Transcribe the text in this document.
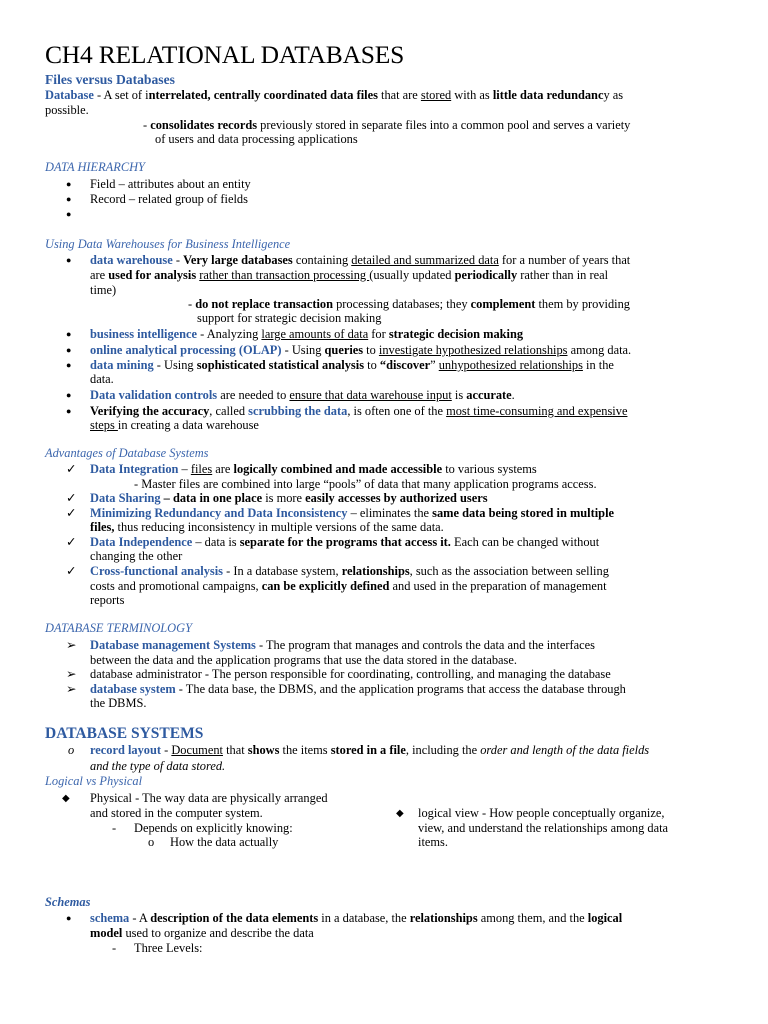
CH4 RELATIONAL DATABASES
Files versus Databases
Database - A set of interrelated, centrally coordinated data files that are stored with as little data redundancy as
possible.
- consolidates records previously stored in separate files into a common pool and serves a variety
of users and data processing applications
DATA HIERARCHY
● Field – attributes about an entity
● Record – related group of fields
●
Using Data Warehouses for Business Intelligence
● data warehouse - Very large databases containing detailed and summarized data for a number of years that
are used for analysis rather than transaction processing (usually updated periodically rather than in real
time)
- do not replace transaction processing databases; they complement them by providing
support for strategic decision making
● business intelligence - Analyzing large amounts of data for strategic decision making
● online analytical processing (OLAP) - Using queries to investigate hypothesized relationships among data.
● data mining - Using sophisticated statistical analysis to “discover” unhypothesized relationships in the
data.
● Data validation controls are needed to ensure that data warehouse input is accurate.
● Verifying the accuracy, called scrubbing the data, is often one of the most time-consuming and expensive
steps in creating a data warehouse
Advantages of Database Systems
✓ Data Integration – files are logically combined and made accessible to various systems
- Master files are combined into large “pools” of data that many application programs access.
✓ Data Sharing – data in one place is more easily accesses by authorized users
✓ Minimizing Redundancy and Data Inconsistency – eliminates the same data being stored in multiple
files, thus reducing inconsistency in multiple versions of the same data.
✓ Data Independence – data is separate for the programs that access it. Each can be changed without
changing the other
✓ Cross-functional analysis - In a database system, relationships, such as the association between selling
costs and promotional campaigns, can be explicitly defined and used in the preparation of management
reports
DATABASE TERMINOLOGY
➢ Database management Systems - The program that manages and controls the data and the interfaces
between the data and the application programs that use the data stored in the database.
➢ database administrator - The person responsible for coordinating, controlling, and managing the database
➢ database system - The data base, the DBMS, and the application programs that access the database through
the DBMS.
DATABASE SYSTEMS
o record layout - Document that shows the items stored in a file, including the order and length of the data fields
and the type of data stored.
Logical vs Physical
◆ Physical - The way data are physically arranged
and stored in the computer system.
- Depends on explicitly knowing:
o How the data actually
◆ logical view - How people conceptually organize,
view, and understand the relationships among data
items.
Schemas
● schema - A description of the data elements in a database, the relationships among them, and the logical
model used to organize and describe the data
- Three Levels:
